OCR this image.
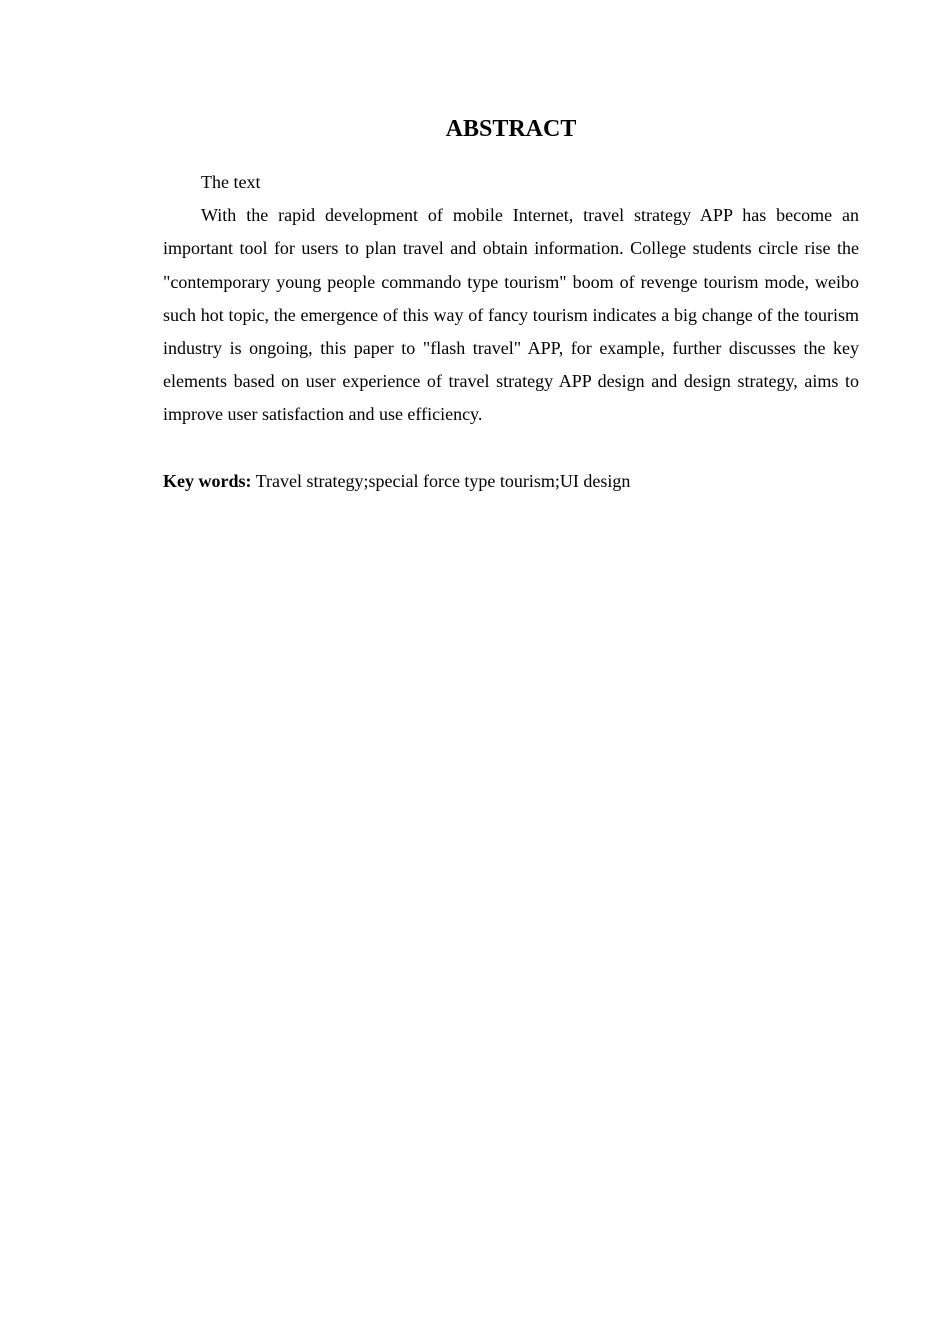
ABSTRACT

The text

With the rapid development of mobile Internet, travel strategy APP has become an important tool for users to plan travel and obtain information. College students circle rise the "contemporary young people commando type tourism" boom of revenge tourism mode, weibo such hot topic, the emergence of this way of fancy tourism indicates a big change of the tourism industry is ongoing, this paper to "flash travel" APP, for example, further discusses the key elements based on user experience of travel strategy APP design and design strategy, aims to improve user satisfaction and use efficiency.

Key words: Travel strategy;special force type tourism;UI design
